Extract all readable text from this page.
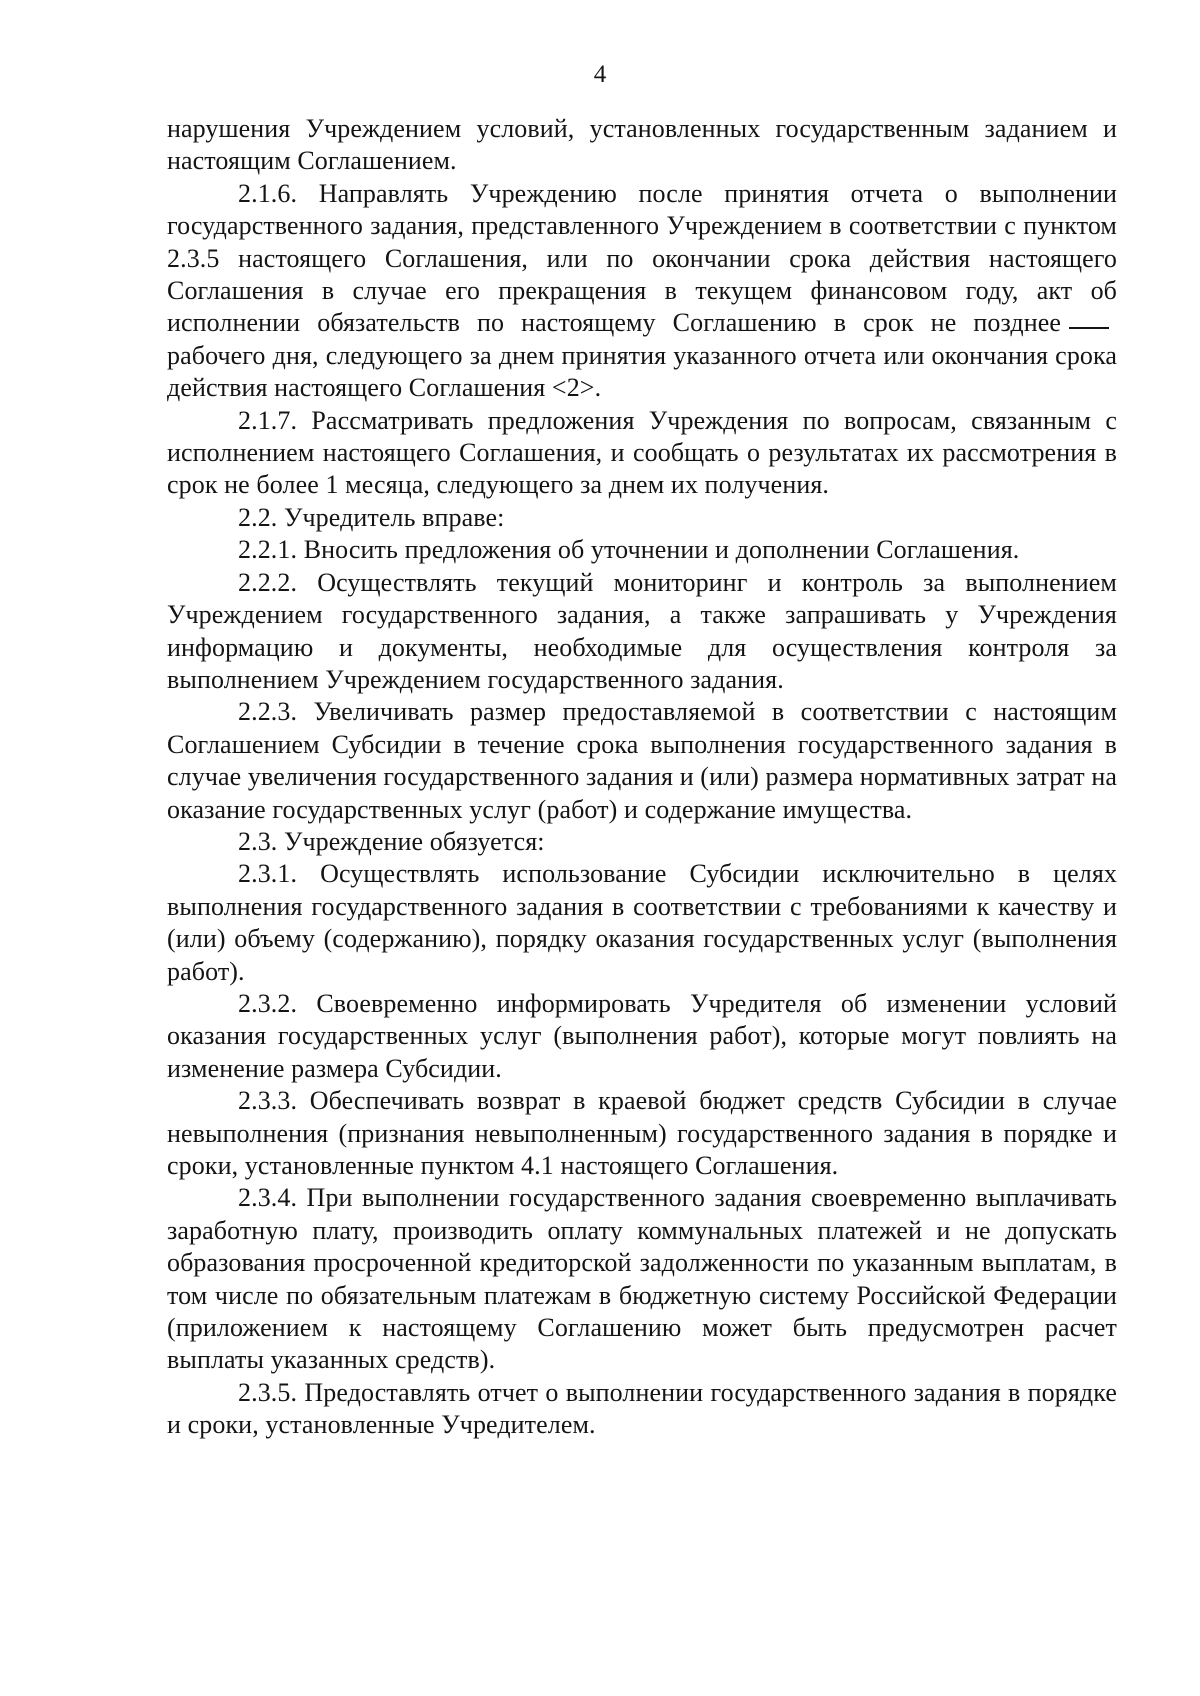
4

нарушения Учреждением условий, установленных государственным заданием и настоящим Соглашением.

2.1.6. Направлять Учреждению после принятия отчета о выполнении государственного задания, представленного Учреждением в соответствии с пунктом 2.3.5 настоящего Соглашения, или по окончании срока действия настоящего Соглашения в случае его прекращения в текущем финансовом году, акт об исполнении обязательств по настоящему Соглашению в срок не позднеерабочего дня, следующего за днем принятия указанного отчета или окончания срока действия настоящего Соглашения <2>.

2.1.7. Рассматривать предложения Учреждения по вопросам, связанным с исполнением настоящего Соглашения, и сообщать о результатах их рассмотрения в срок не более 1 месяца, следующего за днем их получения.

2.2. Учредитель вправе:

2.2.1. Вносить предложения об уточнении и дополнении Соглашения.

2.2.2. Осуществлять текущий мониторинг и контроль за выполнением Учреждением государственного задания, а также запрашивать у Учреждения информацию и документы, необходимые для осуществления контроля за выполнением Учреждением государственного задания.

2.2.3. Увеличивать размер предоставляемой в соответствии с настоящим Соглашением Субсидии в течение срока выполнения государственного задания в случае увеличения государственного задания и (или) размера нормативных затрат на оказание государственных услуг (работ) и содержание имущества.

2.3. Учреждение обязуется:

2.3.1. Осуществлять использование Субсидии исключительно в целях выполнения государственного задания в соответствии с требованиями к качеству и (или) объему (содержанию), порядку оказания государственных услуг (выполнения работ).

2.3.2. Своевременно информировать Учредителя об изменении условий оказания государственных услуг (выполнения работ), которые могут повлиять на изменение размера Субсидии.

2.3.3. Обеспечивать возврат в краевой бюджет средств Субсидии в случае невыполнения (признания невыполненным) государственного задания в порядке и сроки, установленные пунктом 4.1 настоящего Соглашения.

2.3.4. При выполнении государственного задания своевременно выплачивать заработную плату, производить оплату коммунальных платежей и не допускать образования просроченной кредиторской задолженности по указанным выплатам, в том числе по обязательным платежам в бюджетную систему Российской Федерации (приложением к настоящему Соглашению может быть предусмотрен расчет выплаты указанных средств).

2.3.5. Предоставлять отчет о выполнении государственного задания в порядке и сроки, установленные Учредителем.
